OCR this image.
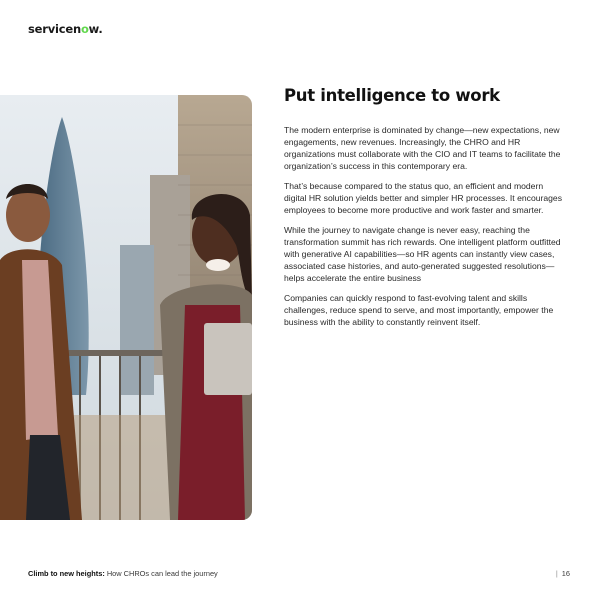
servicenow.
Put intelligence to work

The modern enterprise is dominated by change—new expectations, new engagements, new revenues. Increasingly, the CHRO and HR organizations must collaborate with the CIO and IT teams to facilitate the organization’s success in this contemporary era.

That’s because compared to the status quo, an efficient and modern digital HR solution yields better and simpler HR processes. It encourages employees to become more productive and work faster and smarter.

While the journey to navigate change is never easy, reaching the transformation summit has rich rewards. One intelligent platform outfitted with generative AI capabilities—so HR agents can instantly view cases, associated case histories, and auto-generated suggested resolutions—helps accelerate the entire business

Companies can quickly respond to fast-evolving talent and skills challenges, reduce spend to serve, and most importantly, empower the business with the ability to constantly reinvent itself.

Climb to new heights: How CHROs can lead the journey	| 16
